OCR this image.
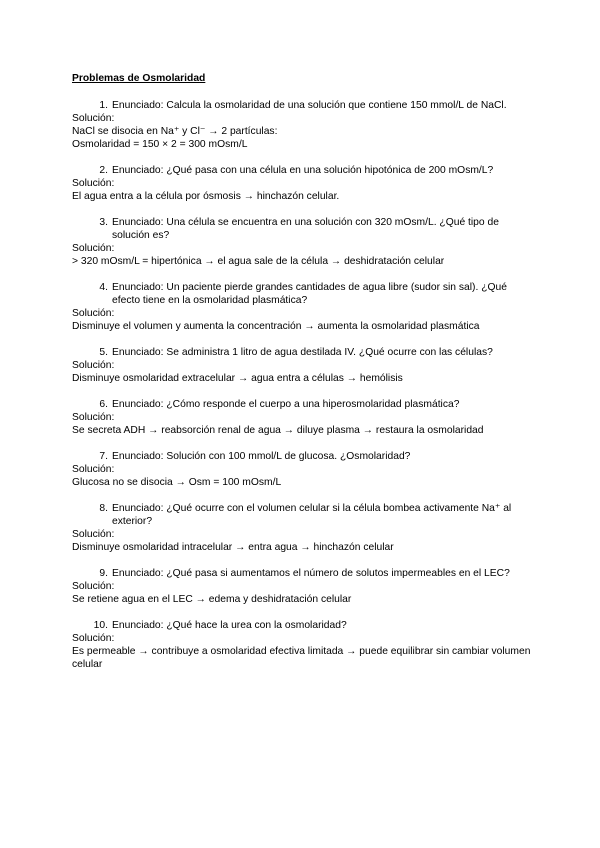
Problemas de Osmolaridad
1. Enunciado: Calcula la osmolaridad de una solución que contiene 150 mmol/L de NaCl.
Solución:
NaCl se disocia en Na⁺ y Cl⁻ → 2 partículas:
Osmolaridad = 150 × 2 = 300 mOsm/L
2. Enunciado: ¿Qué pasa con una célula en una solución hipotónica de 200 mOsm/L?
Solución:
El agua entra a la célula por ósmosis → hinchazón celular.
3. Enunciado: Una célula se encuentra en una solución con 320 mOsm/L. ¿Qué tipo de solución es?
Solución:
> 320 mOsm/L = hipertónica → el agua sale de la célula → deshidratación celular
4. Enunciado: Un paciente pierde grandes cantidades de agua libre (sudor sin sal). ¿Qué efecto tiene en la osmolaridad plasmática?
Solución:
Disminuye el volumen y aumenta la concentración → aumenta la osmolaridad plasmática
5. Enunciado: Se administra 1 litro de agua destilada IV. ¿Qué ocurre con las células?
Solución:
Disminuye osmolaridad extracelular → agua entra a células → hemólisis
6. Enunciado: ¿Cómo responde el cuerpo a una hiperosmolaridad plasmática?
Solución:
Se secreta ADH → reabsorción renal de agua → diluye plasma → restaura la osmolaridad
7. Enunciado: Solución con 100 mmol/L de glucosa. ¿Osmolaridad?
Solución:
Glucosa no se disocia → Osm = 100 mOsm/L
8. Enunciado: ¿Qué ocurre con el volumen celular si la célula bombea activamente Na⁺ al exterior?
Solución:
Disminuye osmolaridad intracelular → entra agua → hinchazón celular
9. Enunciado: ¿Qué pasa si aumentamos el número de solutos impermeables en el LEC?
Solución:
Se retiene agua en el LEC → edema y deshidratación celular
10. Enunciado: ¿Qué hace la urea con la osmolaridad?
Solución:
Es permeable → contribuye a osmolaridad efectiva limitada → puede equilibrar sin cambiar volumen celular
